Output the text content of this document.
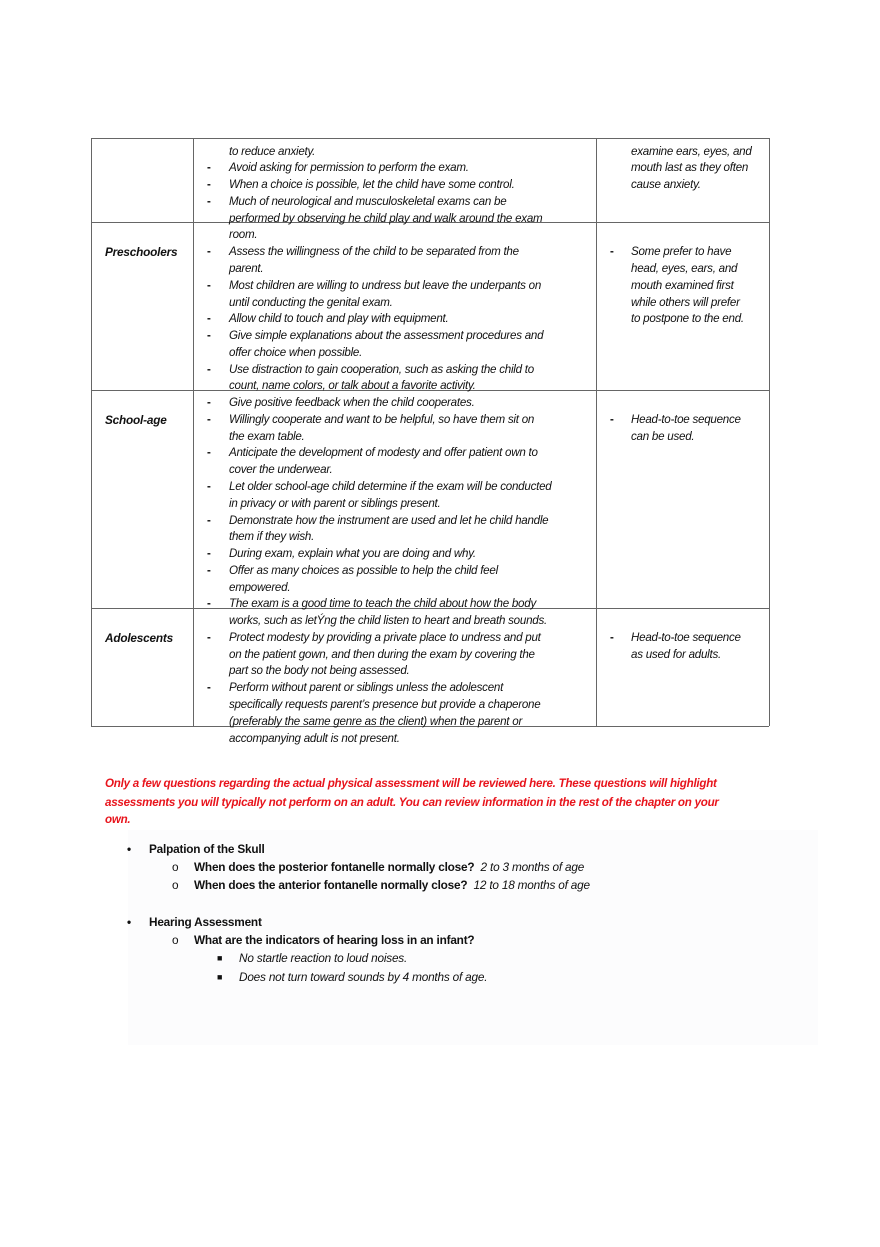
Preschoolers
School-age
Adolescents
to reduce anxiety.
- Avoid asking for permission to perform the exam.
- When a choice is possible, let the child have some control.
- Much of neurological and musculoskeletal exams can be
performed by observing he child play and walk around the exam
room.
- Assess the willingness of the child to be separated from the
parent.
- Most children are willing to undress but leave the underpants on
until conducting the genital exam.
- Allow child to touch and play with equipment.
- Give simple explanations about the assessment procedures and
offer choice when possible.
- Use distraction to gain cooperation, such as asking the child to
count, name colors, or talk about a favorite activity.
- Give positive feedback when the child cooperates.
- Willingly cooperate and want to be helpful, so have them sit on
the exam table.
- Anticipate the development of modesty and offer patient own to
cover the underwear.
- Let older school-age child determine if the exam will be conducted
in privacy or with parent or siblings present.
- Demonstrate how the instrument are used and let he child handle
them if they wish.
- During exam, explain what you are doing and why.
- Offer as many choices as possible to help the child feel
empowered.
- The exam is a good time to teach the child about how the body
works, such as letÝng the child listen to heart and breath sounds.
- Protect modesty by providing a private place to undress and put
on the patient gown, and then during the exam by covering the
part so the body not being assessed.
- Perform without parent or siblings unless the adolescent
specifically requests parent’s presence but provide a chaperone
(preferably the same genre as the client) when the parent or
accompanying adult is not present.
examine ears, eyes, and
mouth last as they often
cause anxiety.
- Some prefer to have
head, eyes, ears, and
mouth examined first
while others will prefer
to postpone to the end.
- Head-to-toe sequence
can be used.
- Head-to-toe sequence
as used for adults.
Only a few questions regarding the actual physical assessment will be reviewed here. These questions will highlight
assessments you will typically not perform on an adult. You can review information in the rest of the chapter on your
own.
• Palpation of the Skull
o When does the posterior fontanelle normally close? 2 to 3 months of age
o When does the anterior fontanelle normally close? 12 to 18 months of age
• Hearing Assessment
o What are the indicators of hearing loss in an infant?
■ No startle reaction to loud noises.
■ Does not turn toward sounds by 4 months of age.
